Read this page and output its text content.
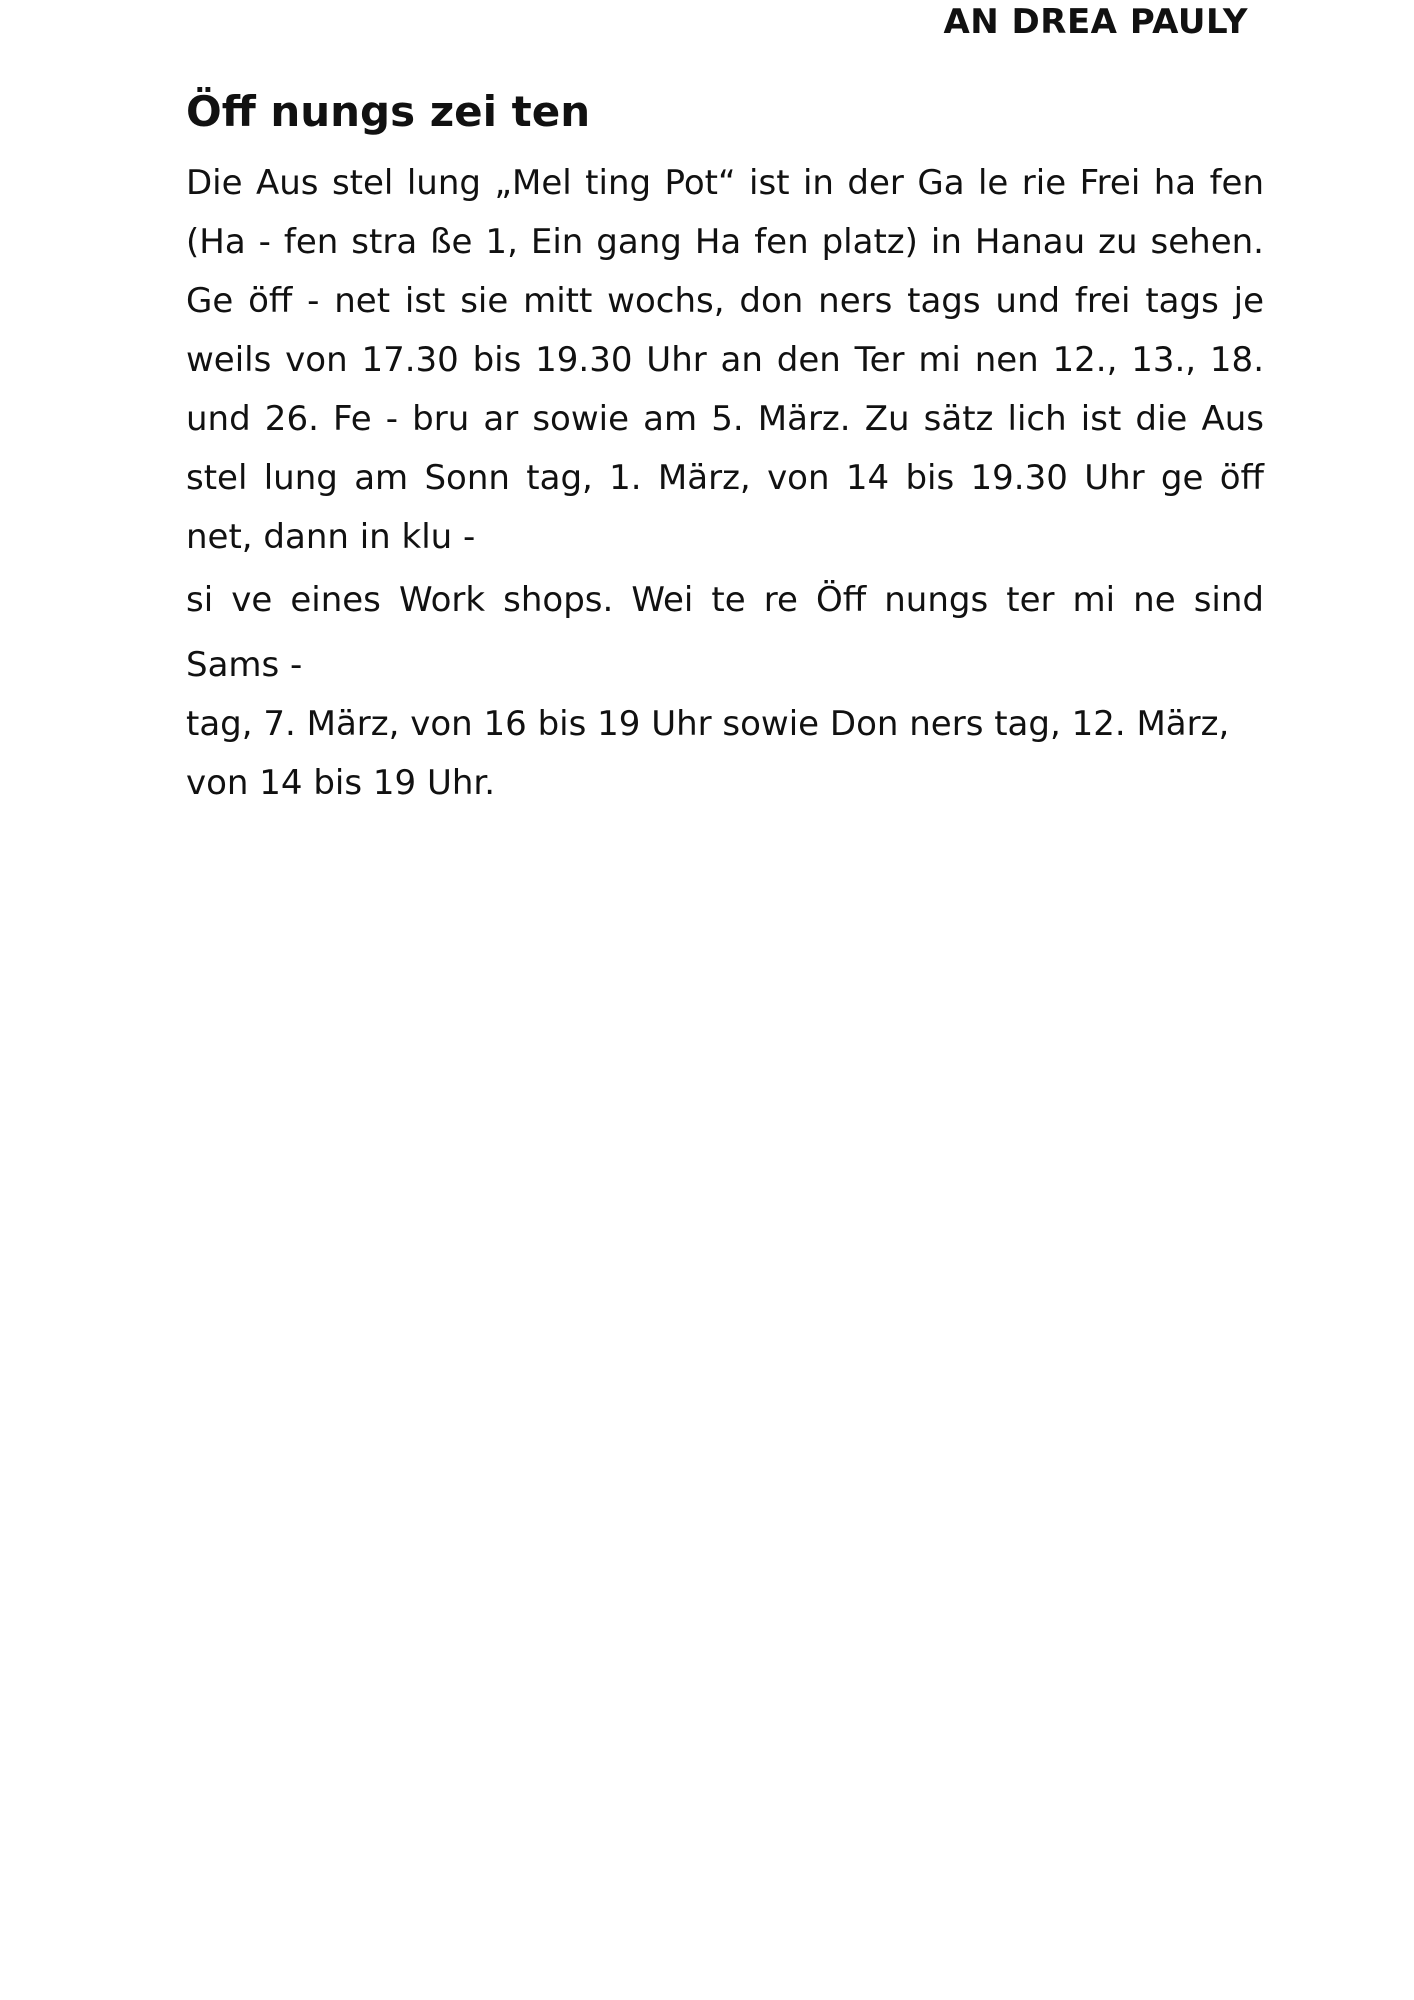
AN DREA PAULY
Öff nungs zei ten
Die Aus stel lung „Mel ting Pot“ ist in der Ga le rie Frei ha fen
(Ha - fen stra ße 1, Ein gang Ha fen platz) in Hanau zu sehen.
Ge öff - net ist sie mitt wochs, don ners tags und frei tags je
weils von 17.30 bis 19.30 Uhr an den Ter mi nen 12., 13., 18.
und 26. Fe - bru ar sowie am 5. März. Zu sätz lich ist die Aus
stel lung am Sonn tag, 1. März, von 14 bis 19.30 Uhr ge öff
net, dann in klu -
si ve eines Work shops. Wei te re Öff nungs ter mi ne sind
Sams -
tag, 7. März, von 16 bis 19 Uhr sowie Don ners tag, 12. März,
von 14 bis 19 Uhr.
